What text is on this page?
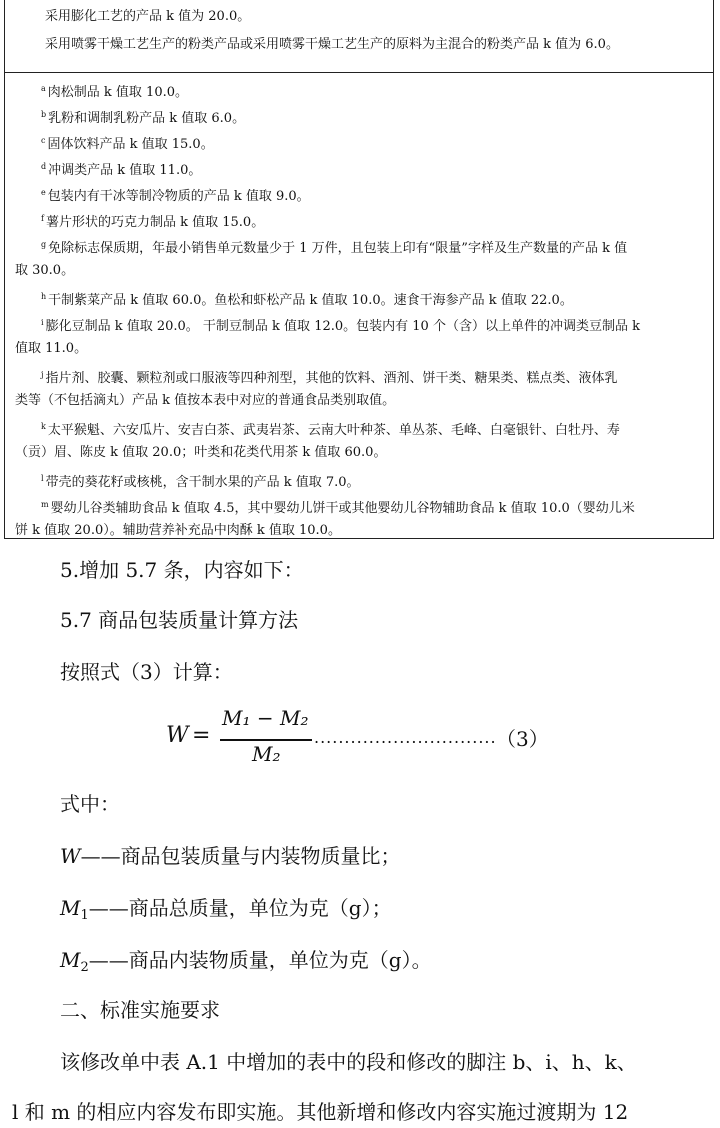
采用膨化工艺的产品 k 值为 20.0。
采用喷雾干燥工艺生产的粉类产品或采用喷雾干燥工艺生产的原料为主混合的粉类产品 k 值为 6.0。
$^a$ 肉松制品 k 值取 10.0。
$^b$ 乳粉和调制乳粉产品 k 值取 6.0。
$^c$ 固体饮料产品 k 值取 15.0。
$^d$ 冲调类产品 k 值取 11.0。
$^e$ 包装内有干冰等制冷物质的产品 k 值取 9.0。
$^f$ 薯片形状的巧克力制品 k 值取 15.0。
$^g$ 免除标志保质期，年最小销售单元数量少于 1 万件，且包装上印有“限量”字样及生产数量的产品 k 值
取 30.0。
$^h$ 干制紫菜产品 k 值取 60.0。鱼松和虾松产品 k 值取 10.0。速食干海参产品 k 值取 22.0。
$^i$ 膨化豆制品 k 值取 20.0。 干制豆制品 k 值取 12.0。包装内有 10 个（含）以上单件的冲调类豆制品 k
值取 11.0。
$^j$ 指片剂、胶囊、颗粒剂或口服液等四种剂型，其他的饮料、酒剂、饼干类、糖果类、糕点类、液体乳
类等（不包括滴丸）产品 k 值按本表中对应的普通食品类别取值。
$^k$ 太平猴魁、六安瓜片、安吉白茶、武夷岩茶、云南大叶种茶、单丛茶、毛峰、白毫银针、白牡丹、寿
（贡）眉、陈皮 k 值取 20.0；叶类和花类代用茶 k 值取 60.0。
$^l$ 带壳的葵花籽或核桃，含干制水果的产品 k 值取 7.0。
$^m$ 婴幼儿谷类辅助食品 k 值取 4.5，其中婴幼儿饼干或其他婴幼儿谷物辅助食品 k 值取 10.0（婴幼儿米
饼 k 值取 20.0）。辅助营养补充品中肉酥 k 值取 10.0。
5.增加 5.7 条，内容如下：
5.7 商品包装质量计算方法
按照式（3）计算：
W =
M₁ − M₂
M₂
.............................. （3）
式中：
W——商品包装质量与内装物质量比；
$M_1——$商品总质量，单位为克（g）；
$M_2——$商品内装物质量，单位为克（g）。
二、标准实施要求
该修改单中表 A.1 中增加的表中的段和修改的脚注 b、i、h、k、
l 和 m 的相应内容发布即实施。其他新增和修改内容实施过渡期为 12
